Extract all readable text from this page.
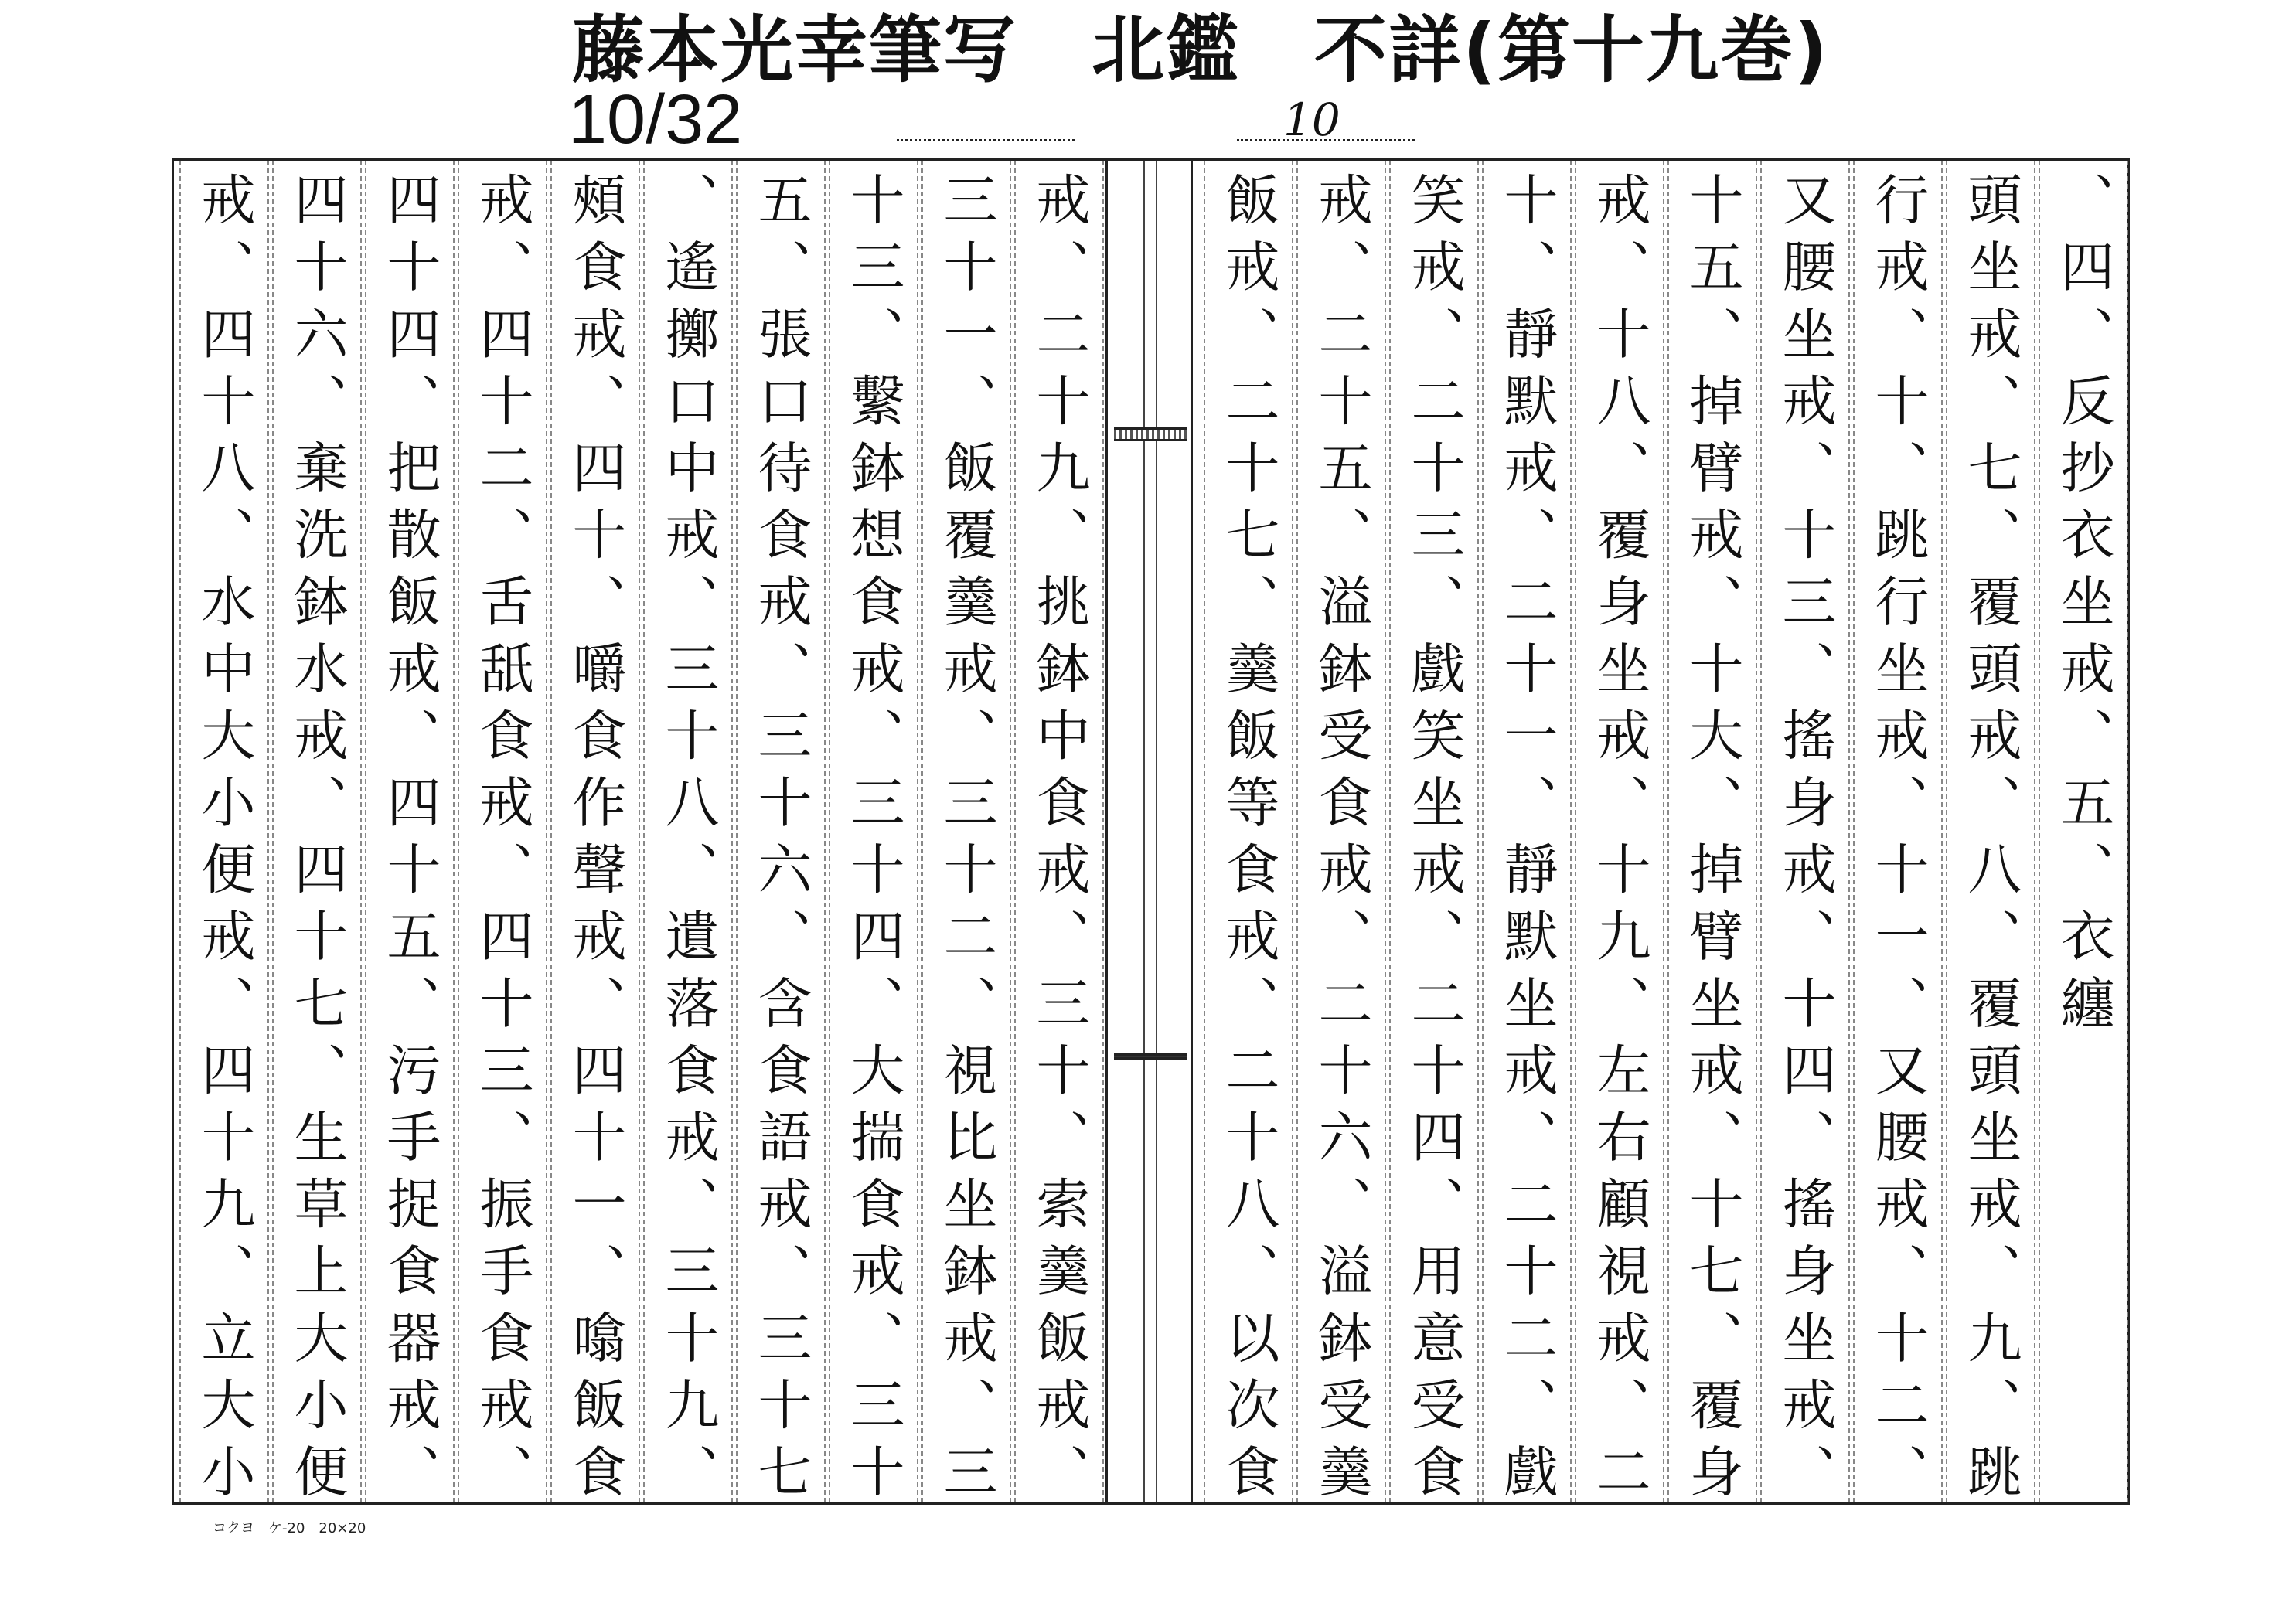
藤本光幸筆写　北鑑　不詳(第十九巻)
10/32	10
、四、反抄衣坐戒、五、衣纏
頭坐戒、七、覆頭戒、八、覆頭坐戒、九、跳
行戒、十、跳行坐戒、十一、又腰戒、十二、
又腰坐戒、十三、搖身戒、十四、搖身坐戒、
十五、掉臂戒、十大、掉臂坐戒、十七、覆身
戒、十八、覆身坐戒、十九、左右顧視戒、二
十、靜默戒、二十一、靜默坐戒、二十二、戲
笑戒、二十三、戲笑坐戒、二十四、用意受食
戒、二十五、溢鉢受食戒、二十六、溢鉢受羹
飯戒、二十七、羹飯等食戒、二十八、以次食
戒、二十九、挑鉢中食戒、三十、索羹飯戒、
三十一、飯覆羹戒、三十二、視比坐鉢戒、三
十三、繫鉢想食戒、三十四、大揣食戒、三十
五、張口待食戒、三十六、含食語戒、三十七
、遙擲口中戒、三十八、遺落食戒、三十九、
頰食戒、四十、嚼食作聲戒、四十一、噏飯食
戒、四十二、舌舐食戒、四十三、振手食戒、
四十四、把散飯戒、四十五、污手捉食器戒、
四十六、棄洗鉢水戒、四十七、生草上大小便
戒、四十八、水中大小便戒、四十九、立大小
コクヨ　ケ-20　20×20
